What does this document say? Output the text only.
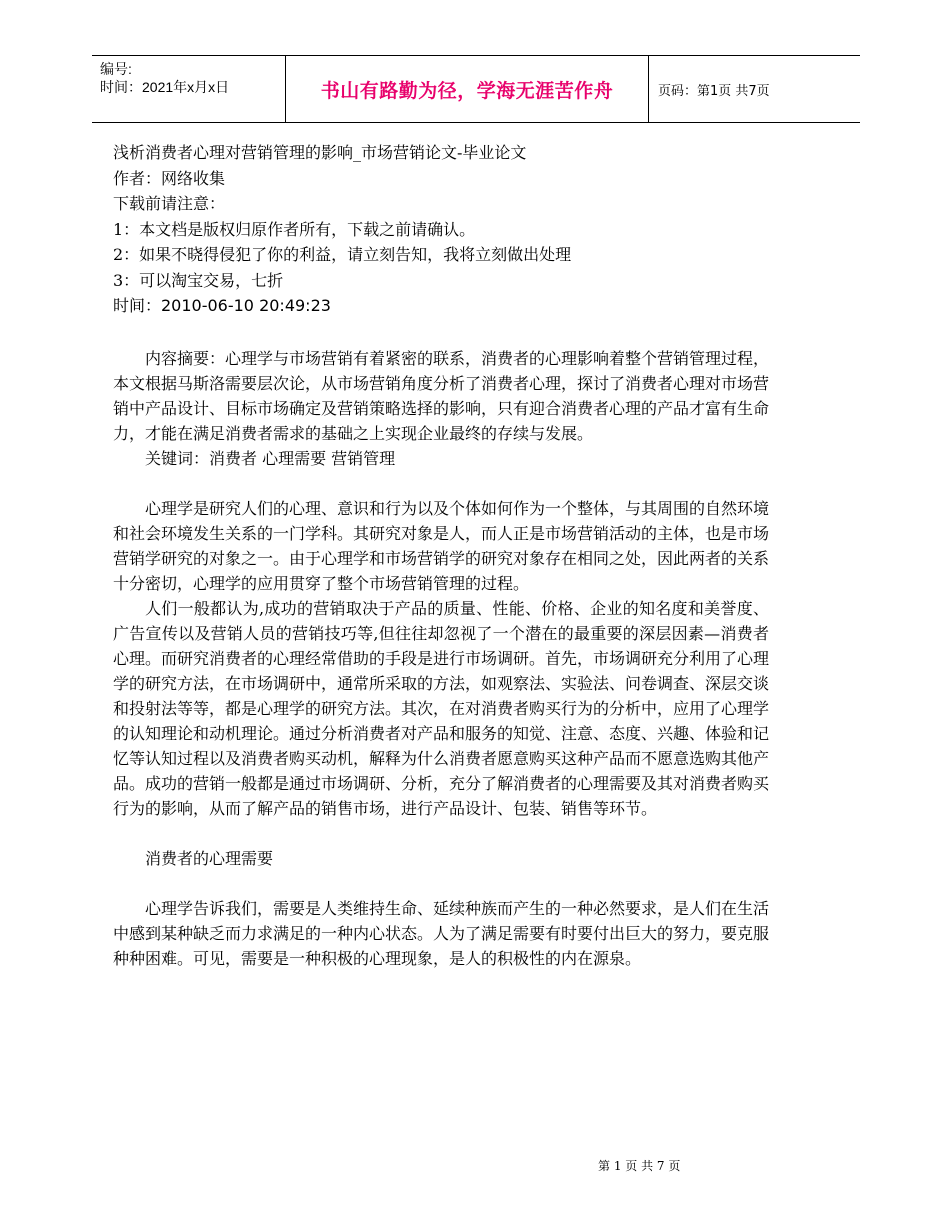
编号:
时间：2021年x月x日	书山有路勤为径，学海无涯苦作舟	页码：第1页 共7页

浅析消费者心理对营销管理的影响_市场营销论文-毕业论文

作者：网络收集

下载前请注意：

1：本文档是版权归原作者所有，下载之前请确认。

2：如果不晓得侵犯了你的利益，请立刻告知，我将立刻做出处理

3：可以淘宝交易，七折

时间：2010-06-10 20:49:23

内容摘要：心理学与市场营销有着紧密的联系，消费者的心理影响着整个营销管理过程，本文根据马斯洛需要层次论，从市场营销角度分析了消费者心理，探讨了消费者心理对市场营销中产品设计、目标市场确定及营销策略选择的影响，只有迎合消费者心理的产品才富有生命力，才能在满足消费者需求的基础之上实现企业最终的存续与发展。

关键词：消费者 心理需要 营销管理

心理学是研究人们的心理、意识和行为以及个体如何作为一个整体，与其周围的自然环境和社会环境发生关系的一门学科。其研究对象是人，而人正是市场营销活动的主体，也是市场营销学研究的对象之一。由于心理学和市场营销学的研究对象存在相同之处，因此两者的关系十分密切，心理学的应用贯穿了整个市场营销管理的过程。

人们一般都认为,成功的营销取决于产品的质量、性能、价格、企业的知名度和美誉度、广告宣传以及营销人员的营销技巧等,但往往却忽视了一个潜在的最重要的深层因素—消费者心理。而研究消费者的心理经常借助的手段是进行市场调研。首先，市场调研充分利用了心理学的研究方法，在市场调研中，通常所采取的方法，如观察法、实验法、问卷调查、深层交谈和投射法等等，都是心理学的研究方法。其次，在对消费者购买行为的分析中，应用了心理学的认知理论和动机理论。通过分析消费者对产品和服务的知觉、注意、态度、兴趣、体验和记忆等认知过程以及消费者购买动机，解释为什么消费者愿意购买这种产品而不愿意选购其他产品。成功的营销一般都是通过市场调研、分析，充分了解消费者的心理需要及其对消费者购买行为的影响，从而了解产品的销售市场，进行产品设计、包装、销售等环节。

消费者的心理需要

心理学告诉我们，需要是人类维持生命、延续种族而产生的一种必然要求，是人们在生活中感到某种缺乏而力求满足的一种内心状态。人为了满足需要有时要付出巨大的努力，要克服种种困难。可见，需要是一种积极的心理现象，是人的积极性的内在源泉。

第 1 页 共 7 页
